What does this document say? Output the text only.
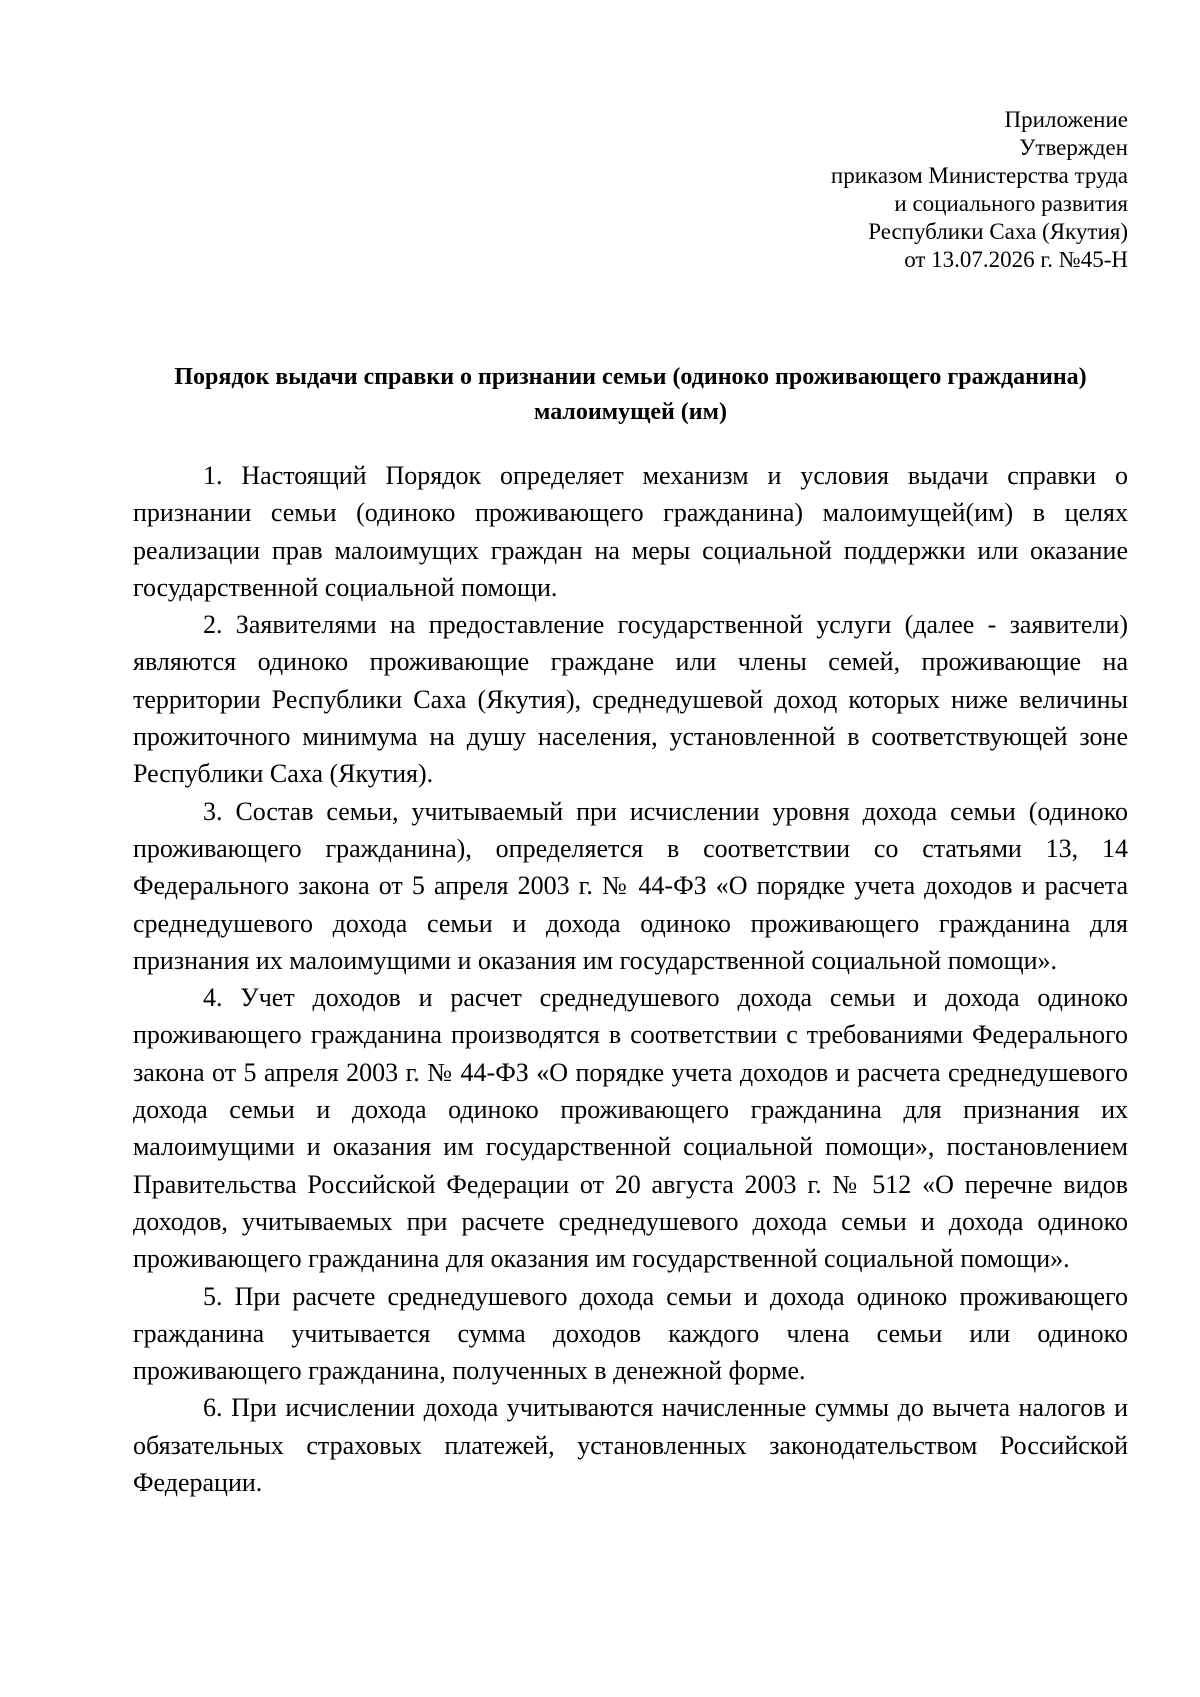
Приложение
Утвержден
приказом Министерства труда
и социального развития
Республики Саха (Якутия)
от 13.07.2026 г. №45-Н
Порядок выдачи справки о признании семьи (одиноко проживающего гражданина) малоимущей (им)

1. Настоящий Порядок определяет механизм и условия выдачи справки о признании семьи (одиноко проживающего гражданина) малоимущей(им) в целях реализации прав малоимущих граждан на меры социальной поддержки или оказание государственной социальной помощи.

2. Заявителями на предоставление государственной услуги (далее - заявители) являются одиноко проживающие граждане или члены семей, проживающие на территории Республики Саха (Якутия), среднедушевой доход которых ниже величины прожиточного минимума на душу населения, установленной в соответствующей зоне Республики Саха (Якутия).

3. Состав семьи, учитываемый при исчислении уровня дохода семьи (одиноко проживающего гражданина), определяется в соответствии со статьями 13, 14 Федерального закона от 5 апреля 2003 г. № 44-ФЗ «О порядке учета доходов и расчета среднедушевого дохода семьи и дохода одиноко проживающего гражданина для признания их малоимущими и оказания им государственной социальной помощи».

4. Учет доходов и расчет среднедушевого дохода семьи и дохода одиноко проживающего гражданина производятся в соответствии с требованиями Федерального закона от 5 апреля 2003 г. № 44-ФЗ «О порядке учета доходов и расчета среднедушевого дохода семьи и дохода одиноко проживающего гражданина для признания их малоимущими и оказания им государственной социальной помощи», постановлением Правительства Российской Федерации от 20 августа 2003 г. № 512 «О перечне видов доходов, учитываемых при расчете среднедушевого дохода семьи и дохода одиноко проживающего гражданина для оказания им государственной социальной помощи».

5. При расчете среднедушевого дохода семьи и дохода одиноко проживающего гражданина учитывается сумма доходов каждого члена семьи или одиноко проживающего гражданина, полученных в денежной форме.

6. При исчислении дохода учитываются начисленные суммы до вычета налогов и обязательных страховых платежей, установленных законодательством Российской Федерации.
